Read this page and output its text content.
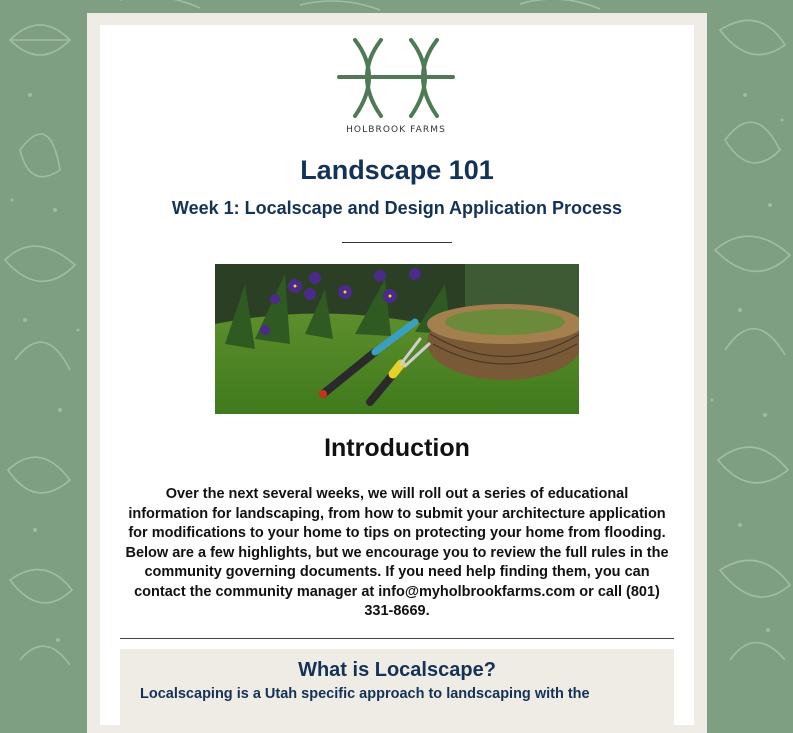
HOLBROOK FARMS
Landscape 101
Week 1: Localscape and Design Application Process
Introduction

Over the next several weeks, we will roll out a series of educational information for landscaping, from how to submit your architecture application for modifications to your home to tips on protecting your home from flooding. Below are a few highlights, but we encourage you to review the full rules in the community governing documents. If you need help finding them, you can contact the community manager at info@myholbrookfarms.com or call (801) 331-8669.

What is Localscape?

Localscaping is a Utah specific approach to landscaping with the
